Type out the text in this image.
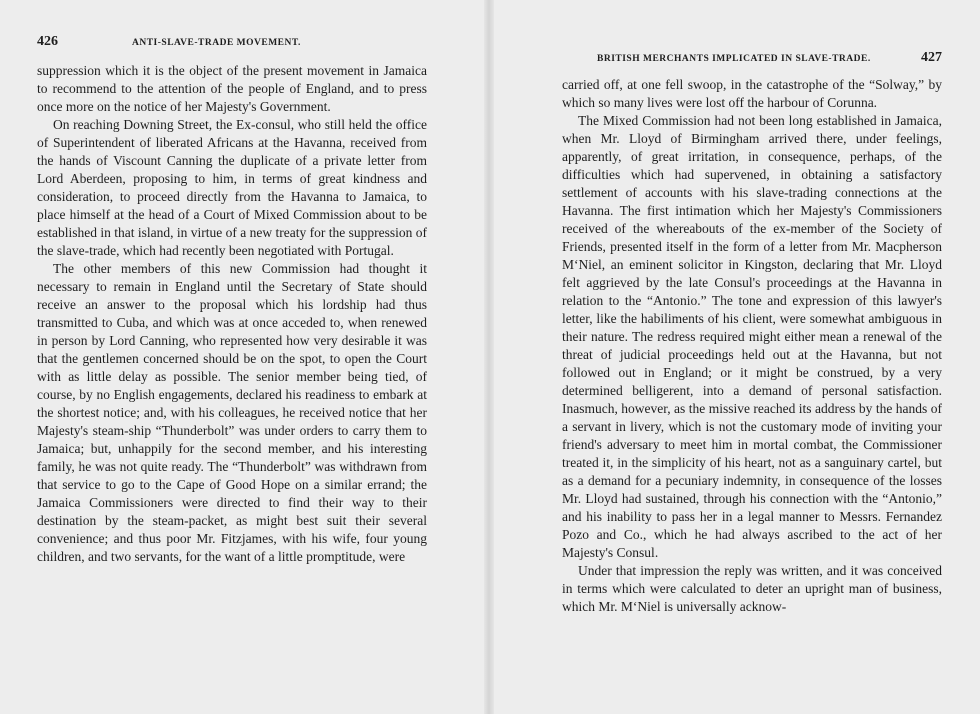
426	ANTI-SLAVE-TRADE MOVEMENT.

suppression which it is the object of the present movement in Jamaica to recommend to the attention of the people of England, and to press once more on the notice of her Majesty's Government.

On reaching Downing Street, the Ex-consul, who still held the office of Superintendent of liberated Africans at the Havanna, received from the hands of Viscount Canning the duplicate of a private letter from Lord Aberdeen, proposing to him, in terms of great kindness and consideration, to proceed directly from the Havanna to Jamaica, to place himself at the head of a Court of Mixed Commission about to be established in that island, in virtue of a new treaty for the suppression of the slave-trade, which had recently been negotiated with Portugal.

The other members of this new Commission had thought it necessary to remain in England until the Secretary of State should receive an answer to the proposal which his lordship had thus transmitted to Cuba, and which was at once acceded to, when renewed in person by Lord Canning, who represented how very desirable it was that the gentlemen concerned should be on the spot, to open the Court with as little delay as possible. The senior member being tied, of course, by no English engagements, declared his readiness to embark at the shortest notice; and, with his colleagues, he received notice that her Majesty's steam-ship “Thunderbolt” was under orders to carry them to Jamaica; but, unhappily for the second member, and his interesting family, he was not quite ready. The “Thunderbolt” was withdrawn from that service to go to the Cape of Good Hope on a similar errand; the Jamaica Commissioners were directed to find their way to their destination by the steam-packet, as might best suit their several convenience; and thus poor Mr. Fitzjames, with his wife, four young children, and two servants, for the want of a little promptitude, were

BRITISH MERCHANTS IMPLICATED IN SLAVE-TRADE.	427

carried off, at one fell swoop, in the catastrophe of the “Solway,” by which so many lives were lost off the harbour of Corunna.

The Mixed Commission had not been long established in Jamaica, when Mr. Lloyd of Birmingham arrived there, under feelings, apparently, of great irritation, in consequence, perhaps, of the difficulties which had supervened, in obtaining a satisfactory settlement of accounts with his slave-trading connections at the Havanna. The first intimation which her Majesty's Commissioners received of the whereabouts of the ex-member of the Society of Friends, presented itself in the form of a letter from Mr. Macpherson M‘Niel, an eminent solicitor in Kingston, declaring that Mr. Lloyd felt aggrieved by the late Consul's proceedings at the Havanna in relation to the “Antonio.” The tone and expression of this lawyer's letter, like the habiliments of his client, were somewhat ambiguous in their nature. The redress required might either mean a renewal of the threat of judicial proceedings held out at the Havanna, but not followed out in England; or it might be construed, by a very determined belligerent, into a demand of personal satisfaction. Inasmuch, however, as the missive reached its address by the hands of a servant in livery, which is not the customary mode of inviting your friend's adversary to meet him in mortal combat, the Commissioner treated it, in the simplicity of his heart, not as a sanguinary cartel, but as a demand for a pecuniary indemnity, in consequence of the losses Mr. Lloyd had sustained, through his connection with the “Antonio,” and his inability to pass her in a legal manner to Messrs. Fernandez Pozo and Co., which he had always ascribed to the act of her Majesty's Consul.

Under that impression the reply was written, and it was conceived in terms which were calculated to deter an upright man of business, which Mr. M‘Niel is universally acknow-
